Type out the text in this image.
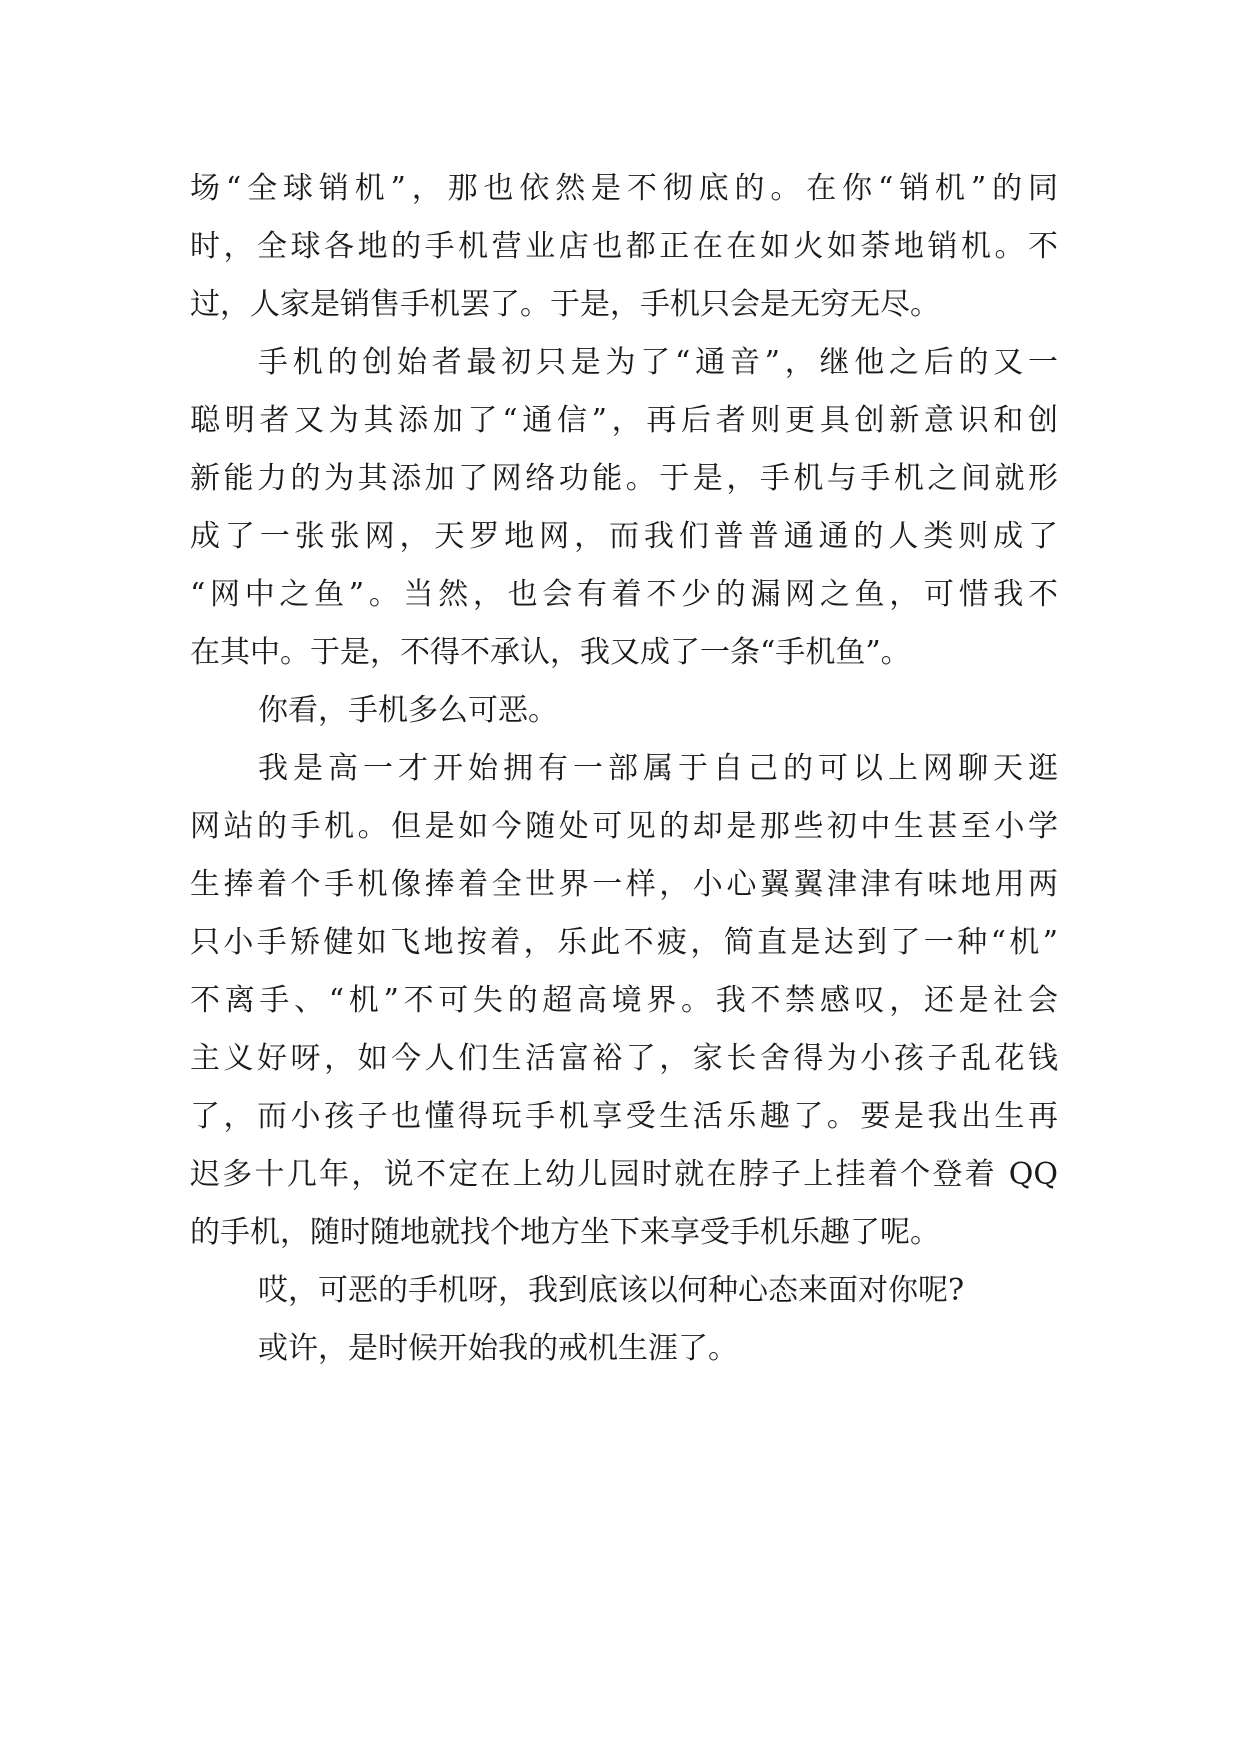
场“全球销机”，那也依然是不彻底的。在你“销机”的同
时，全球各地的手机营业店也都正在在如火如荼地销机。不
过，人家是销售手机罢了。于是，手机只会是无穷无尽。
手机的创始者最初只是为了“通音”，继他之后的又一
聪明者又为其添加了“通信”，再后者则更具创新意识和创
新能力的为其添加了网络功能。于是，手机与手机之间就形
成了一张张网，天罗地网，而我们普普通通的人类则成了
“网中之鱼”。当然，也会有着不少的漏网之鱼，可惜我不
在其中。于是，不得不承认，我又成了一条“手机鱼”。
你看，手机多么可恶。
我是高一才开始拥有一部属于自己的可以上网聊天逛
网站的手机。但是如今随处可见的却是那些初中生甚至小学
生捧着个手机像捧着全世界一样，小心翼翼津津有味地用两
只小手矫健如飞地按着，乐此不疲，简直是达到了一种“机”
不离手、“机”不可失的超高境界。我不禁感叹，还是社会
主义好呀，如今人们生活富裕了，家长舍得为小孩子乱花钱
了，而小孩子也懂得玩手机享受生活乐趣了。要是我出生再
迟多十几年，说不定在上幼儿园时就在脖子上挂着个登着 QQ
的手机，随时随地就找个地方坐下来享受手机乐趣了呢。
哎，可恶的手机呀，我到底该以何种心态来面对你呢?
或许，是时候开始我的戒机生涯了。
